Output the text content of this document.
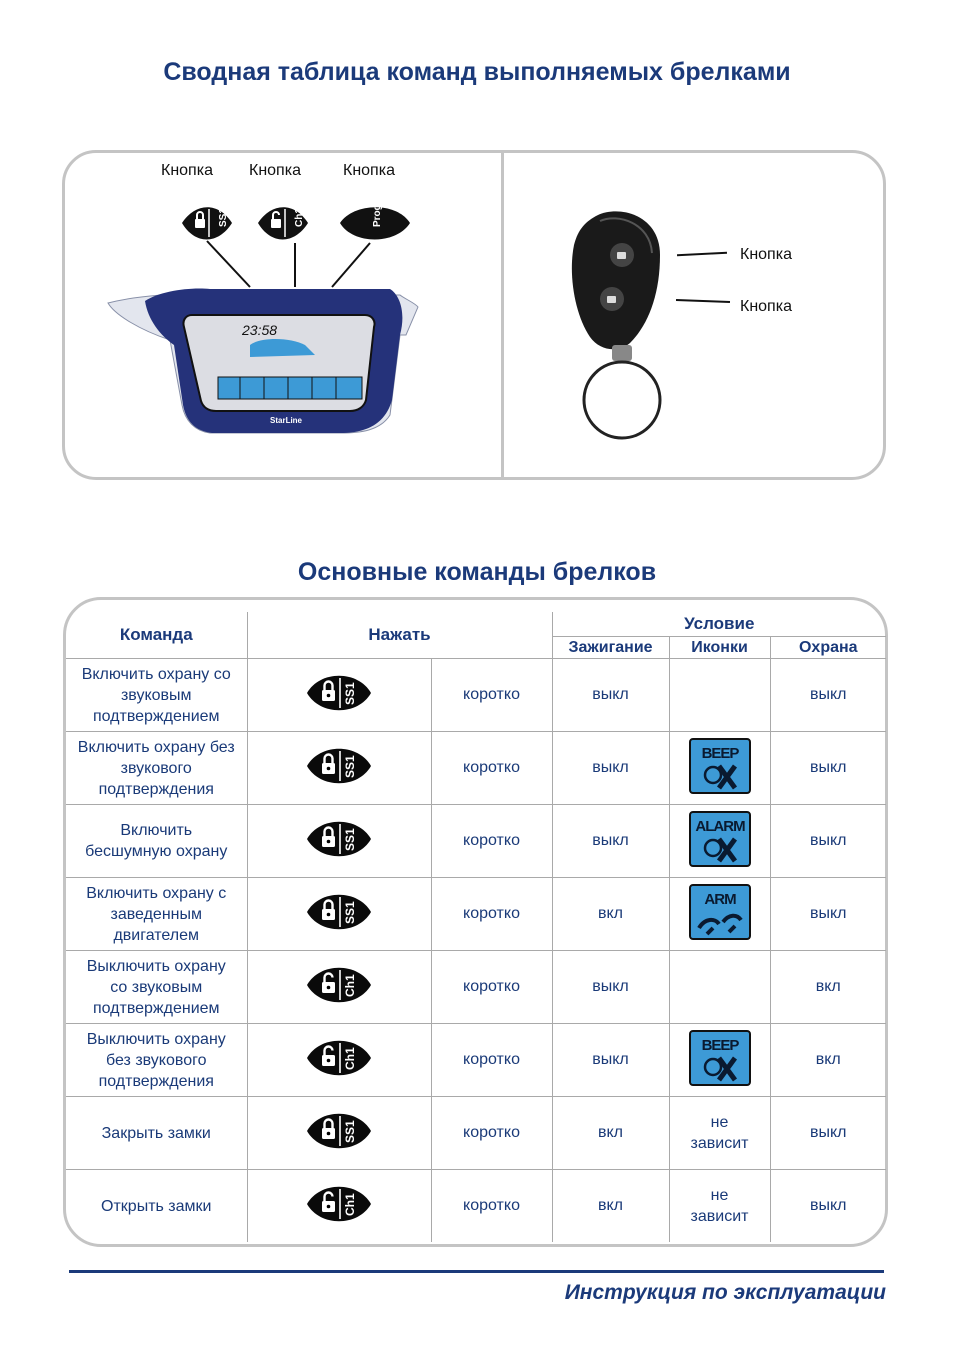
Сводная таблица команд выполняемых брелками
Кнопка Кнопка	Кнопка
SS1	Ch1	Prog.
23:58
StarLine
Кнопка
Кнопка
Основные команды брелков
Команда	Нажать		Условие		
			Зажигание	Иконки	Охрана
Включить охрану со звуковым подтверждением	SS1	коротко	выкл		выкл
Включить охрану без звукового подтверждения	SS1	коротко	выкл	BEEP	выкл
Включить бесшумную охрану	SS1	коротко	выкл	ALARM	выкл
Включить охрану с заведенным двигателем	SS1	коротко	вкл	ARM	выкл
Выключить охрану со звуковым подтверждением	Ch1	коротко	выкл		вкл
Выключить охрану без звукового подтверждения	Ch1	коротко	выкл	BEEP	вкл
Закрыть замки	SS1	коротко	вкл	не зависит	выкл
Открыть замки	Ch1	коротко	вкл	не зависит	выкл
Инструкция по эксплуатации
